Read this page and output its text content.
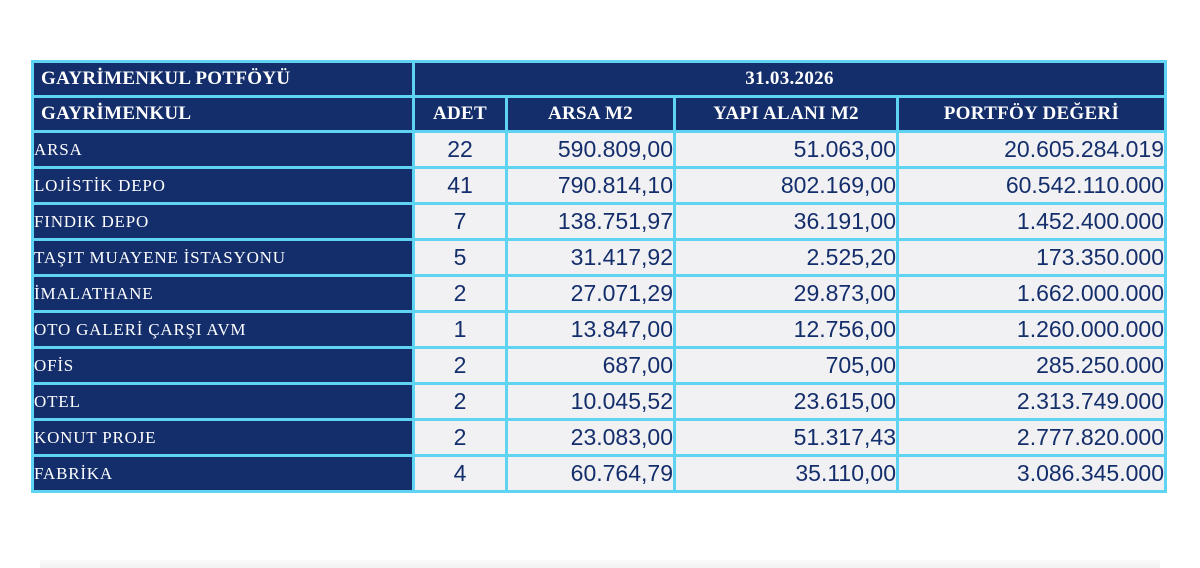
GAYRİMENKUL POTFÖYÜ	31.03.2026			
GAYRİMENKUL	ADET	ARSA M2	YAPI ALANI M2	PORTFÖY DEĞERİ
ARSA	22	590.809,00	51.063,00	20.605.284.019
LOJİSTİK DEPO	41	790.814,10	802.169,00	60.542.110.000
FINDIK DEPO	7	138.751,97	36.191,00	1.452.400.000
TAŞIT MUAYENE İSTASYONU	5	31.417,92	2.525,20	173.350.000
İMALATHANE	2	27.071,29	29.873,00	1.662.000.000
OTO GALERİ ÇARŞI AVM	1	13.847,00	12.756,00	1.260.000.000
OFİS	2	687,00	705,00	285.250.000
OTEL	2	10.045,52	23.615,00	2.313.749.000
KONUT PROJE	2	23.083,00	51.317,43	2.777.820.000
FABRİKA	4	60.764,79	35.110,00	3.086.345.000
